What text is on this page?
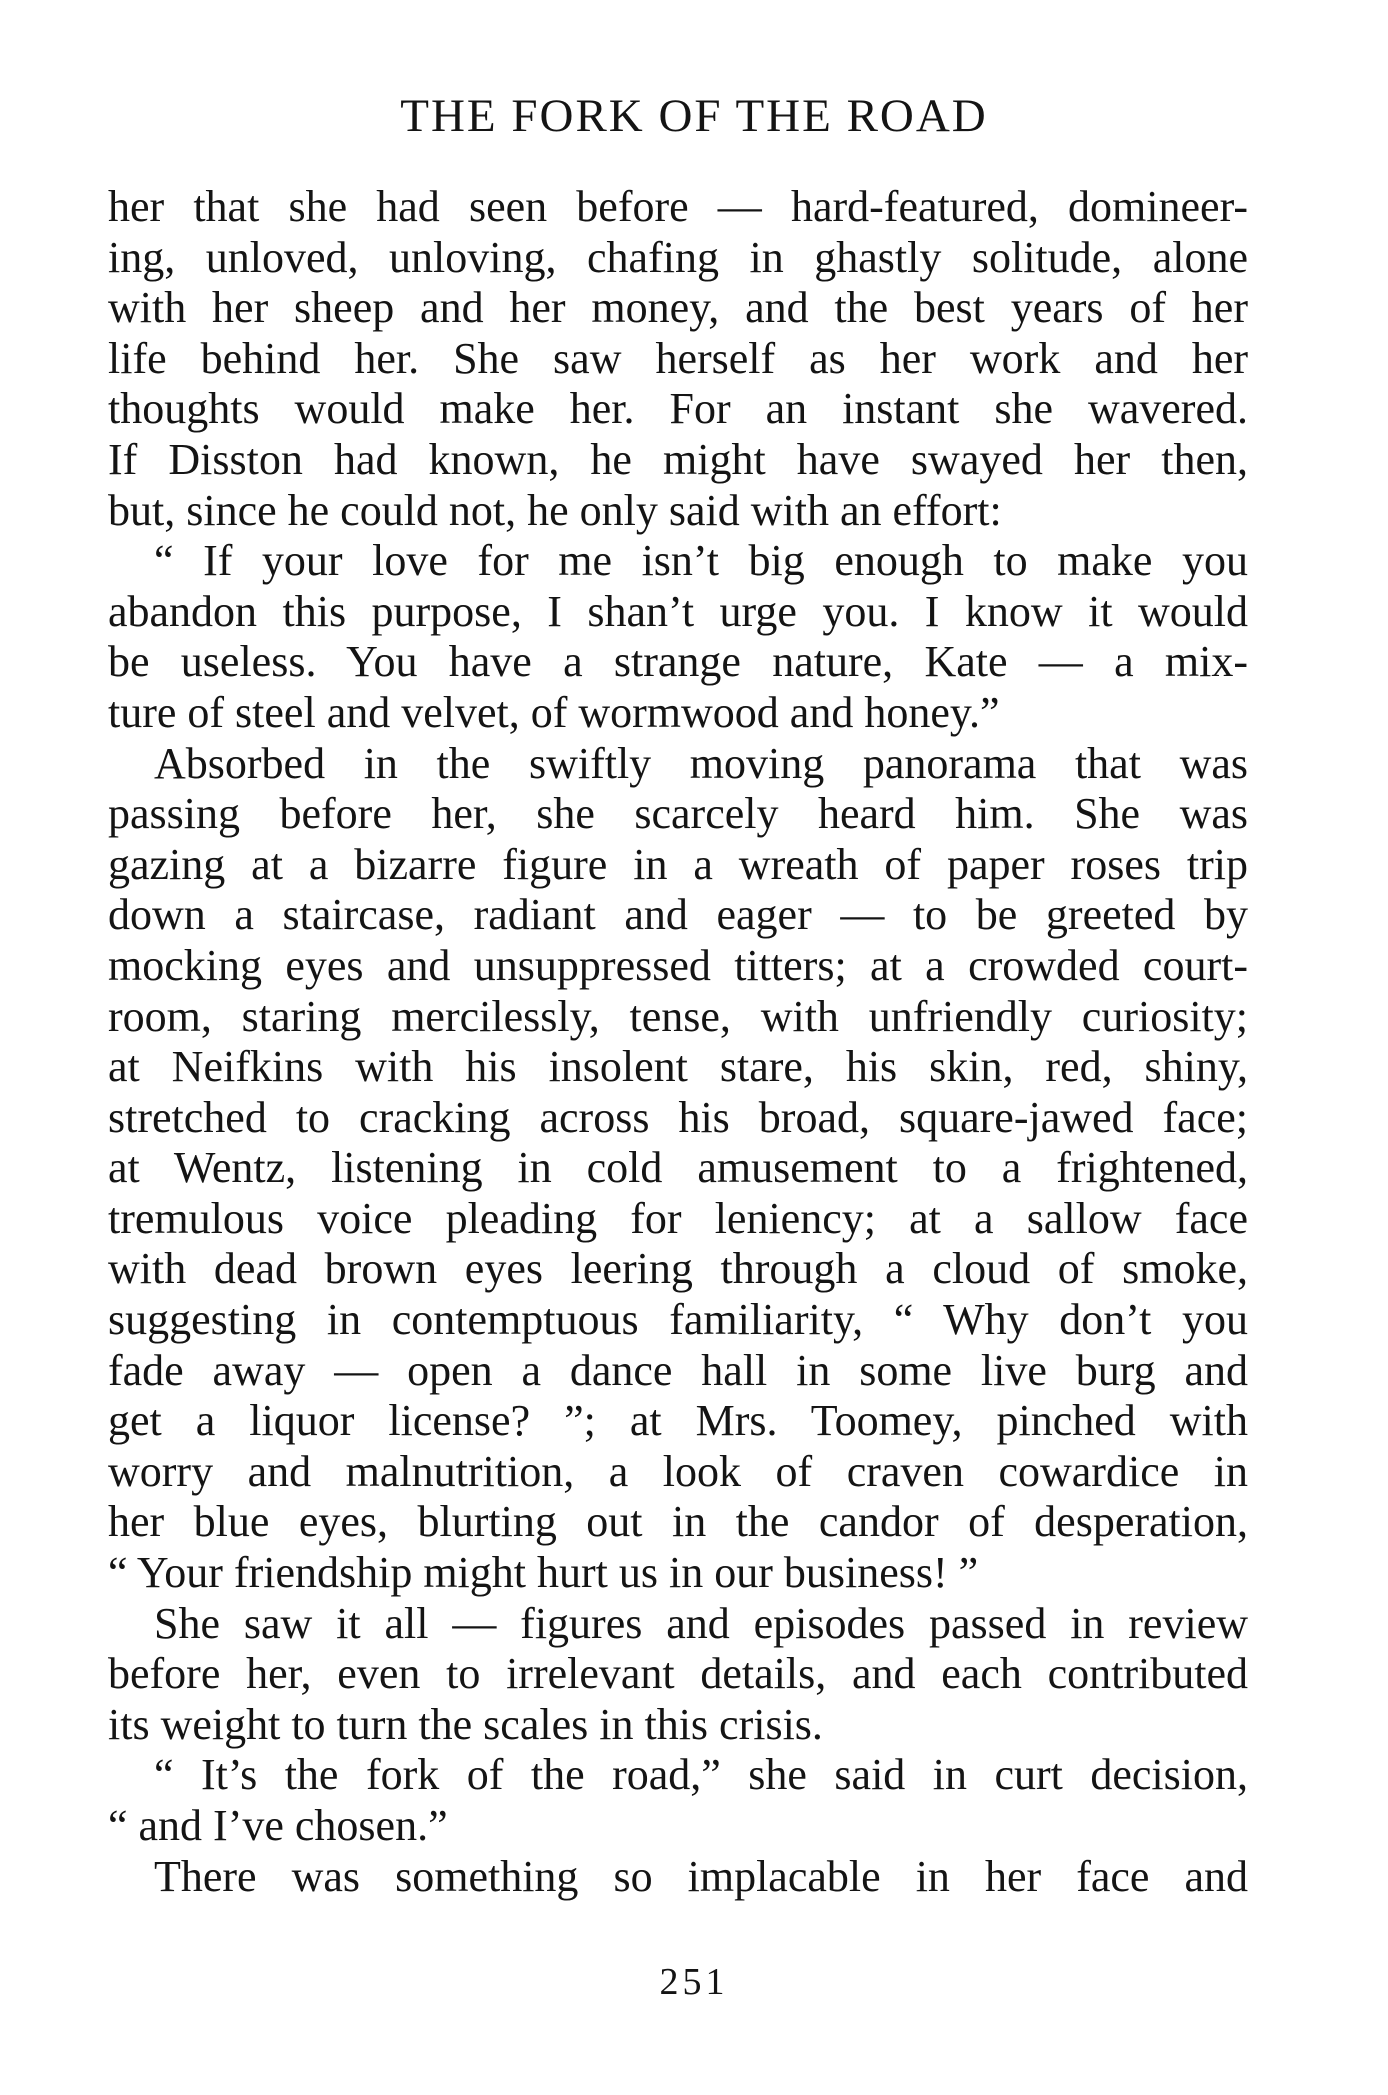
THE FORK OF THE ROAD
her that she had seen before — hard-featured, domineer-
ing, unloved, unloving, chafing in ghastly solitude, alone
with her sheep and her money, and the best years of her
life behind her. She saw herself as her work and her
thoughts would make her. For an instant she wavered.
If Disston had known, he might have swayed her then,
but, since he could not, he only said with an effort:
“ If your love for me isn’t big enough to make you
abandon this purpose, I shan’t urge you. I know it would
be useless. You have a strange nature, Kate — a mix-
ture of steel and velvet, of wormwood and honey.”
Absorbed in the swiftly moving panorama that was
passing before her, she scarcely heard him. She was
gazing at a bizarre figure in a wreath of paper roses trip
down a staircase, radiant and eager — to be greeted by
mocking eyes and unsuppressed titters; at a crowded court-
room, staring mercilessly, tense, with unfriendly curiosity;
at Neifkins with his insolent stare, his skin, red, shiny,
stretched to cracking across his broad, square-jawed face;
at Wentz, listening in cold amusement to a frightened,
tremulous voice pleading for leniency; at a sallow face
with dead brown eyes leering through a cloud of smoke,
suggesting in contemptuous familiarity, “ Why don’t you
fade away — open a dance hall in some live burg and
get a liquor license? ”; at Mrs. Toomey, pinched with
worry and malnutrition, a look of craven cowardice in
her blue eyes, blurting out in the candor of desperation,
“ Your friendship might hurt us in our business! ”
She saw it all — figures and episodes passed in review
before her, even to irrelevant details, and each contributed
its weight to turn the scales in this crisis.
“ It’s the fork of the road,” she said in curt decision,
“ and I’ve chosen.”
There was something so implacable in her face and
251
